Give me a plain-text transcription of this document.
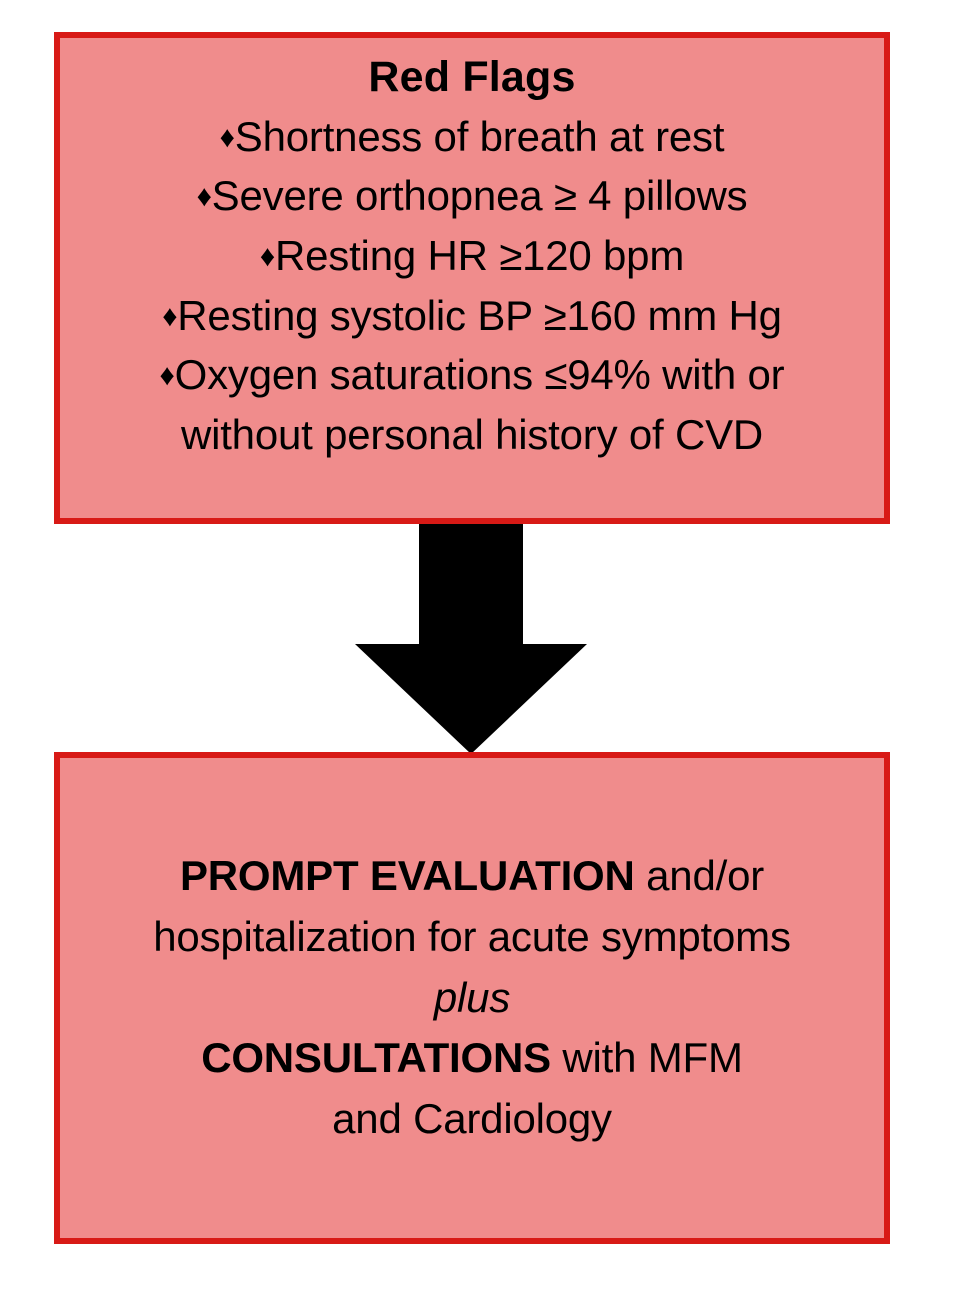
Red Flags
♦Shortness of breath at rest
♦Severe orthopnea ≥ 4 pillows
♦Resting HR ≥120 bpm
♦Resting systolic BP ≥160 mm Hg
♦Oxygen saturations ≤94% with or
without personal history of CVD
PROMPT EVALUATION and/or
hospitalization for acute symptoms
plus
CONSULTATIONS with MFM
and Cardiology
